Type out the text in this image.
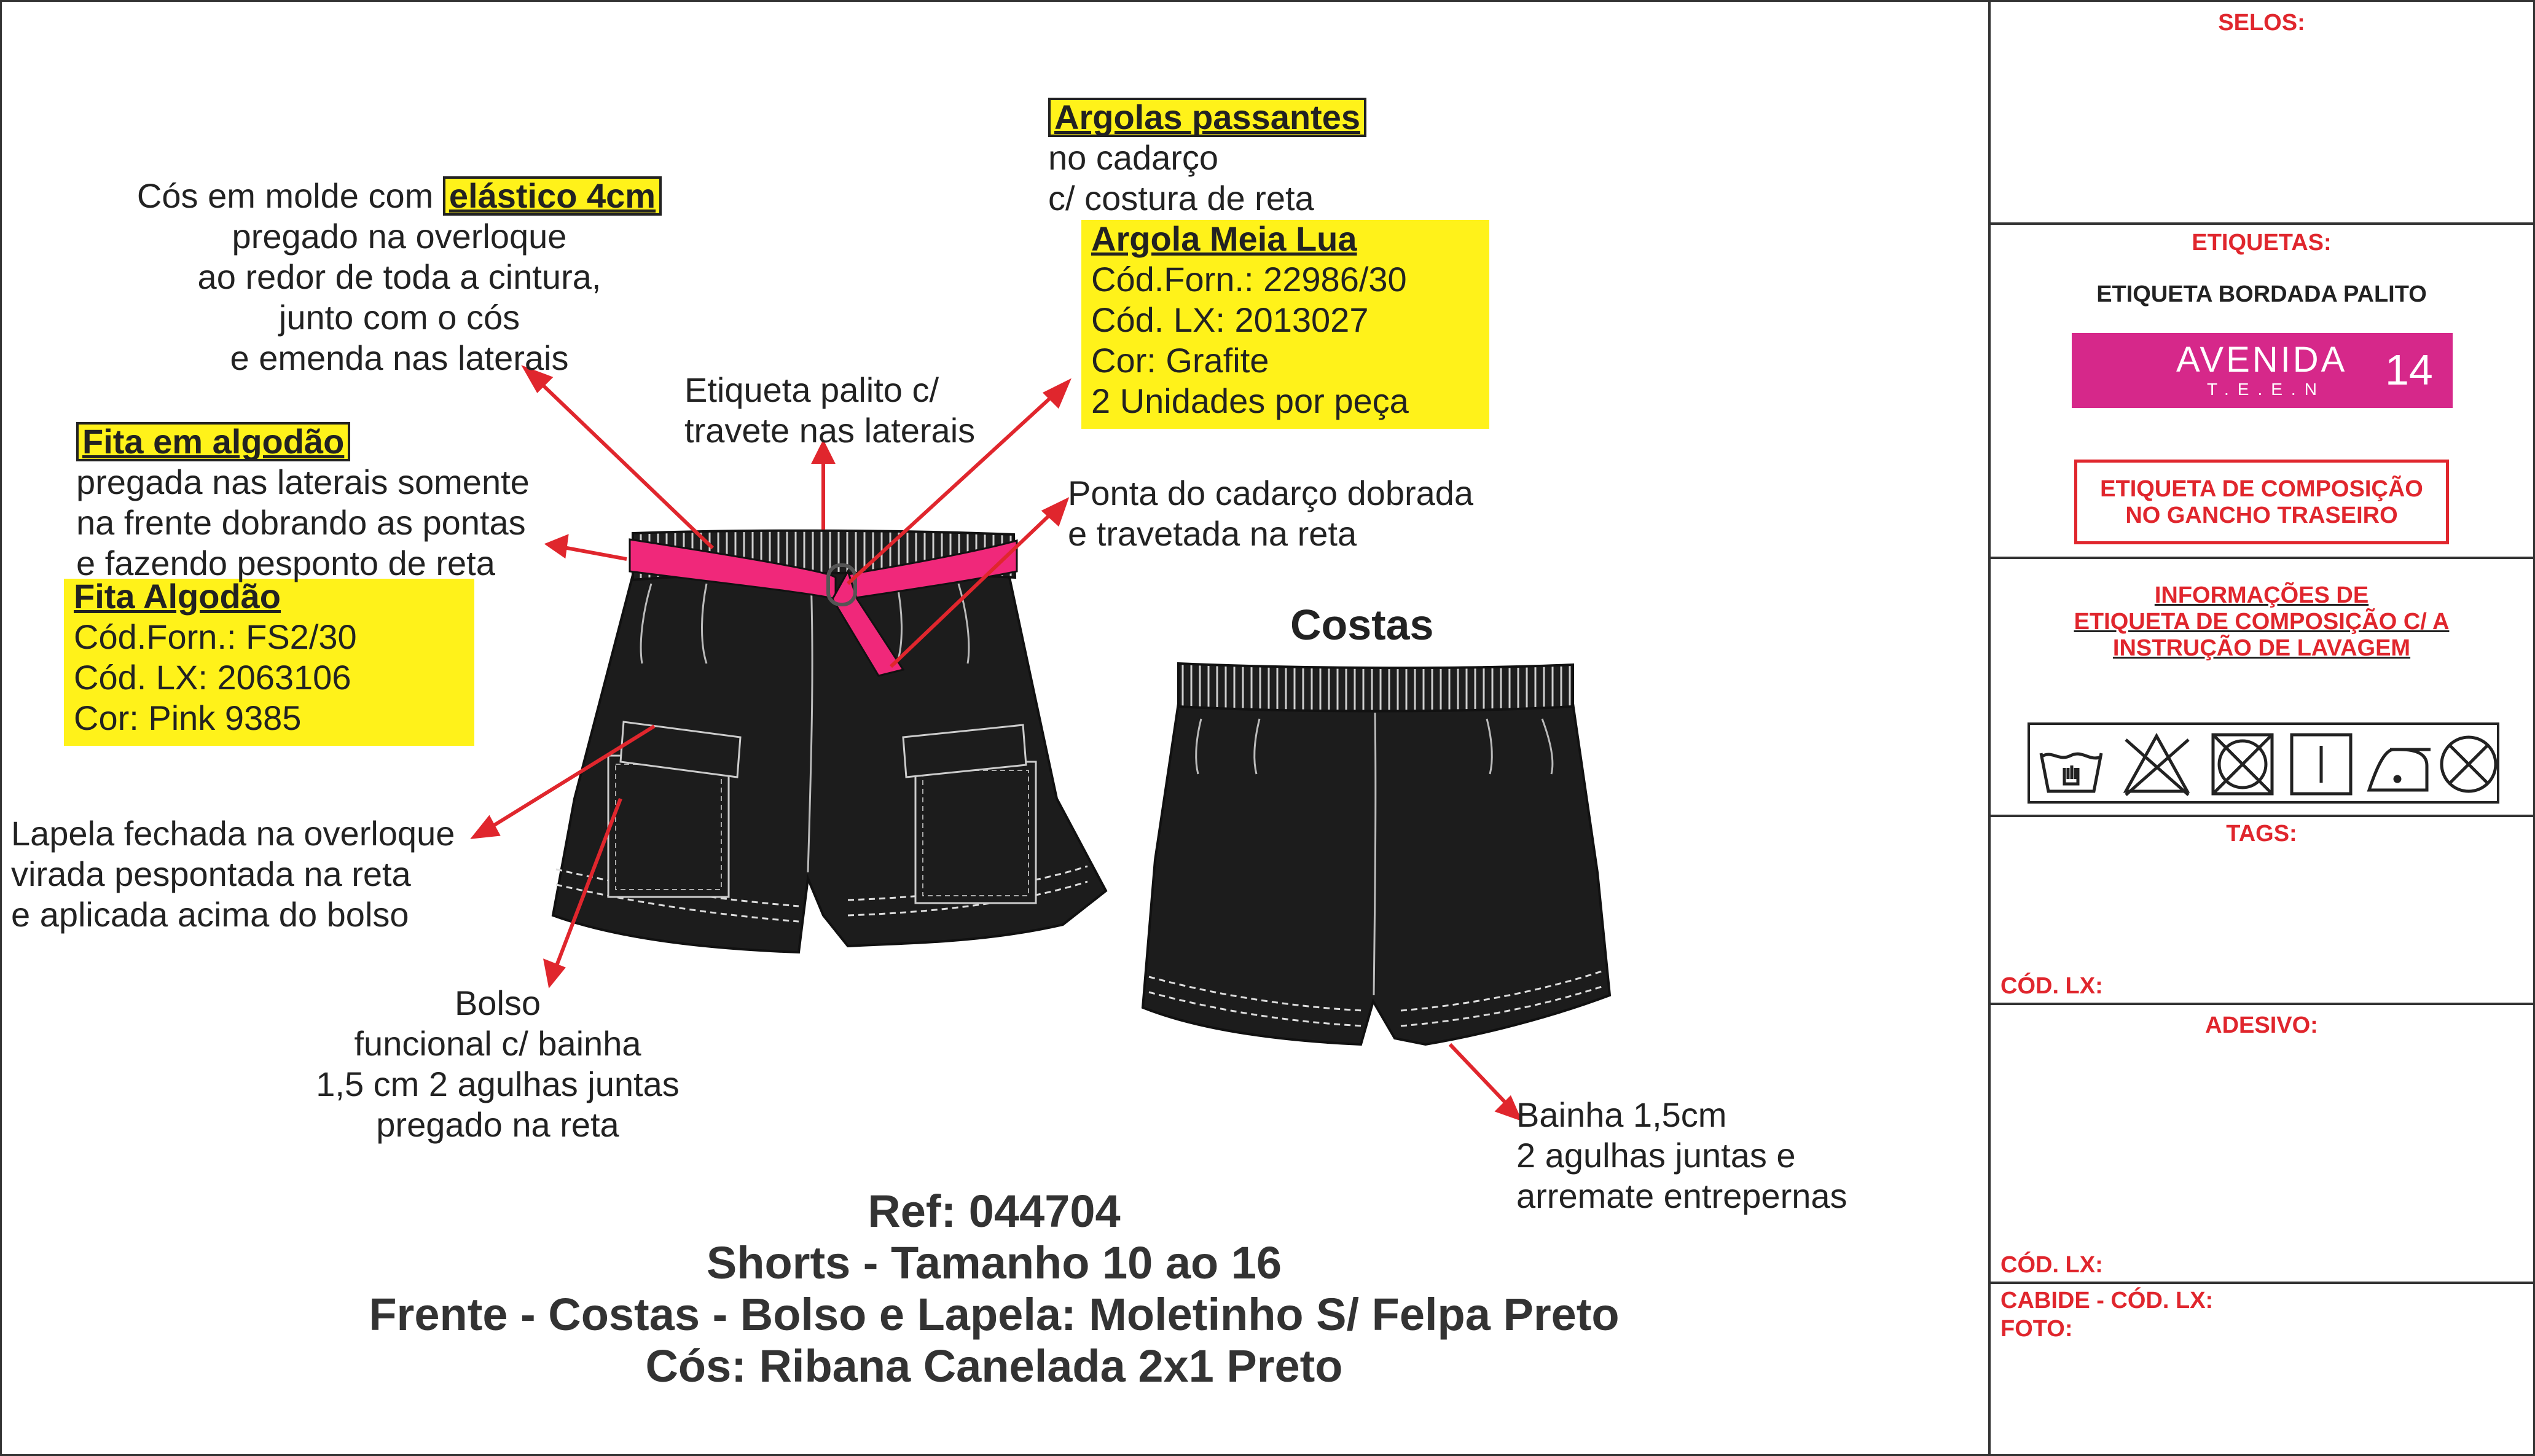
Cós em molde com elástico 4cm
pregado na overloque
ao redor de toda a cintura,
junto com o cós
e emenda nas laterais
Argolas passantes
no cadarço
c/ costura de reta
Argola Meia Lua
Cód.Forn.: 22986/30
Cód. LX: 2013027
Cor: Grafite
2 Unidades por peça
Etiqueta palito c/
travete nas laterais
Fita em algodão
pregada nas laterais somente
na frente dobrando as pontas
e fazendo pesponto de reta
Fita Algodão
Cód.Forn.: FS2/30
Cód. LX: 2063106
Cor: Pink 9385
Ponta do cadarço dobrada
e travetada na reta
Costas
Lapela fechada na overloque
virada pespontada na reta
e aplicada acima do bolso
Bolso
funcional c/ bainha
1,5 cm 2 agulhas juntas
pregado na reta	Bainha 1,5cm
2 agulhas juntas e
arremate entrepernas
Ref: 044704
Shorts - Tamanho 10 ao 16
Frente - Costas - Bolso e Lapela: Moletinho S/ Felpa Preto
Cós: Ribana Canelada 2x1 Preto
SELOS:
ETIQUETAS:
ETIQUETA BORDADA PALITO
AVENIDA
T.E.E.N 14
ETIQUETA DE COMPOSIÇÃO
NO GANCHO TRASEIRO
INFORMAÇÕES DE
ETIQUETA DE COMPOSIÇÃO C/ A
INSTRUÇÃO DE LAVAGEM
TAGS:
CÓD. LX:
ADESIVO:
CÓD. LX:
CABIDE - CÓD. LX:
FOTO:
